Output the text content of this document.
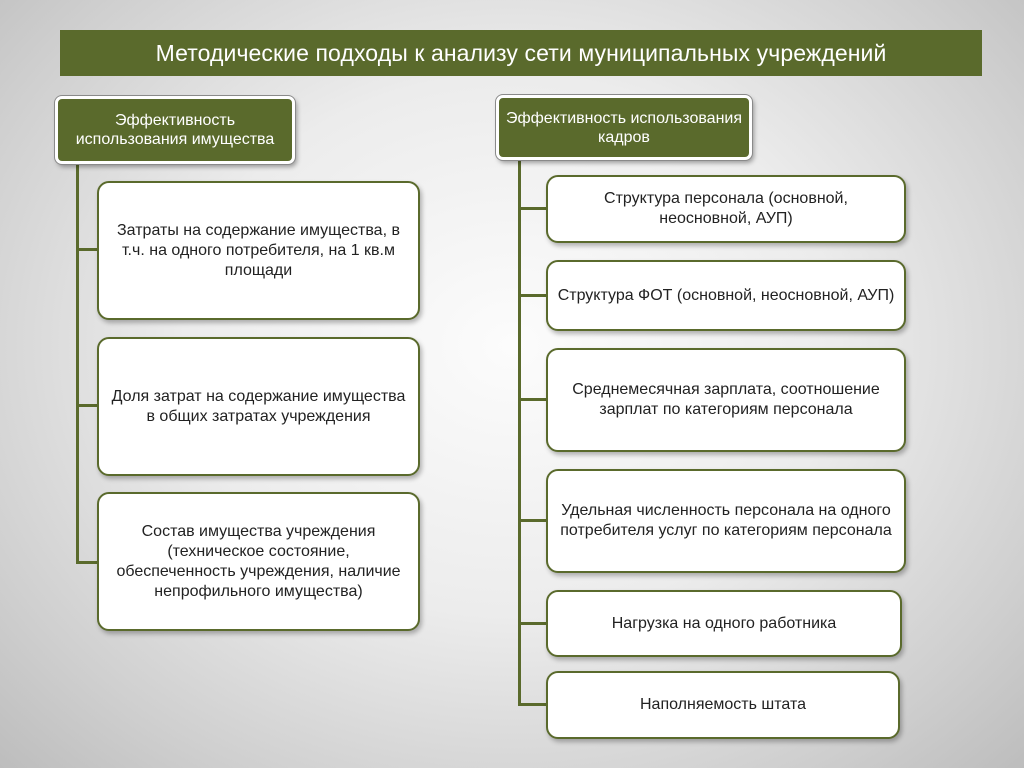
Методические подходы к анализу сети муниципальных учреждений
Эффективность использования имущества
Затраты на содержание имущества, в т.ч. на одного потребителя, на 1 кв.м площади
Доля затрат на содержание имущества в общих затратах учреждения
Состав имущества учреждения (техническое состояние, обеспеченность учреждения, наличие непрофильного имущества)
Эффективность использования кадров
Структура персонала (основной, неосновной, АУП)
Структура ФОТ (основной, неосновной, АУП)
Среднемесячная зарплата, соотношение зарплат по категориям персонала
Удельная численность персонала на одного потребителя услуг по категориям персонала
Нагрузка на одного работника
Наполняемость штата
